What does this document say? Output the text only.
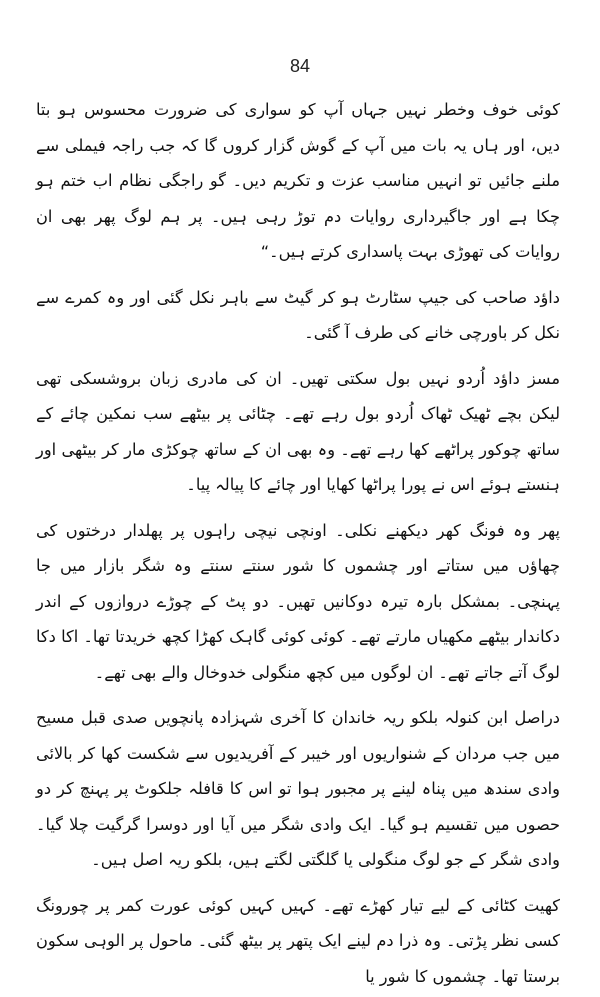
84

کوئی خوف وخطر نہیں جہاں آپ کو سواری کی ضرورت محسوس ہو بتا دیں، اور ہاں یہ بات میں آپ کے گوش گزار کروں گا کہ جب راجہ فیملی سے ملنے جائیں تو انہیں مناسب عزت و تکریم دیں۔ گو راجگی نظام اب ختم ہو چکا ہے اور جاگیرداری روایات دم توڑ رہی ہیں۔ پر ہم لوگ پھر بھی ان روایات کی تھوڑی بہت پاسداری کرتے ہیں۔“

داؤد صاحب کی جیپ سٹارٹ ہو کر گیٹ سے باہر نکل گئی اور وہ کمرے سے نکل کر باورچی خانے کی طرف آ گئی۔

مسز داؤد اُردو نہیں بول سکتی تھیں۔ ان کی مادری زبان بروشسکی تھی لیکن بچے ٹھیک ٹھاک اُردو بول رہے تھے۔ چٹائی پر بیٹھے سب نمکین چائے کے ساتھ چوکور پراٹھے کھا رہے تھے۔ وہ بھی ان کے ساتھ چوکڑی مار کر بیٹھی اور ہنستے ہوئے اس نے پورا پراٹھا کھایا اور چائے کا پیالہ پیا۔

پھر وہ فونگ کھر دیکھنے نکلی۔ اونچی نیچی راہوں پر پھلدار درختوں کی چھاؤں میں ستاتے اور چشموں کا شور سنتے سنتے وہ شگر بازار میں جا پہنچی۔ بمشکل بارہ تیرہ دوکانیں تھیں۔ دو پٹ کے چوڑے دروازوں کے اندر دکاندار بیٹھے مکھیاں مارتے تھے۔ کوئی کوئی گاہک کھڑا کچھ خریدتا تھا۔ اکا دکا لوگ آتے جاتے تھے۔ ان لوگوں میں کچھ منگولی خدوخال والے بھی تھے۔

دراصل ابن کنولہ بلکو ریہ خاندان کا آخری شہزادہ پانچویں صدی قبل مسیح میں جب مردان کے شنواریوں اور خیبر کے آفریدیوں سے شکست کھا کر بالائی وادی سندھ میں پناہ لینے پر مجبور ہوا تو اس کا قافلہ جلکوٹ پر پہنچ کر دو حصوں میں تقسیم ہو گیا۔ ایک وادی شگر میں آیا اور دوسرا گرگیت چلا گیا۔ وادی شگر کے جو لوگ منگولی یا گلگتی لگتے ہیں، بلکو ریہ اصل ہیں۔

کھیت کٹائی کے لیے تیار کھڑے تھے۔ کہیں کہیں کوئی عورت کمر پر چورونگ کسی نظر پڑتی۔ وہ ذرا دم لینے ایک پتھر پر بیٹھ گئی۔ ماحول پر الوہی سکون برستا تھا۔ چشموں کا شور یا
